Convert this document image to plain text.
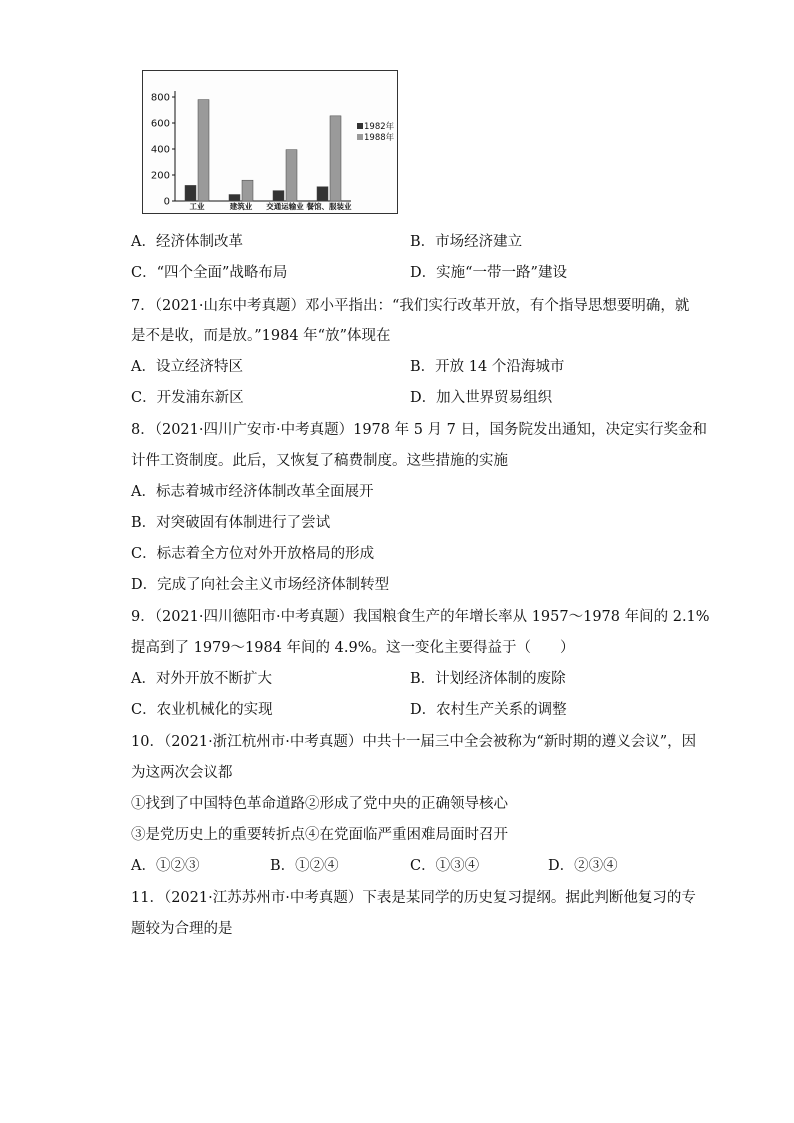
800
600
400
200
0	工业	建筑业 交通运输业 餐馆、服装业
1982年
1988年
A．经济体制改革	B．市场经济建立
C．“四个全面”战略布局	D．实施“一带一路”建设
7．（2021·山东中考真题）邓小平指出：“我们实行改革开放，有个指导思想要明确，就
是不是收，而是放。”1984 年“放”体现在
A．设立经济特区	B．开放 14 个沿海城市
C．开发浦东新区	D．加入世界贸易组织
8．（2021·四川广安市·中考真题）1978 年 5 月 7 日，国务院发出通知，决定实行奖金和
计件工资制度。此后，又恢复了稿费制度。这些措施的实施
A．标志着城市经济体制改革全面展开
B．对突破固有体制进行了尝试
C．标志着全方位对外开放格局的形成
D．完成了向社会主义市场经济体制转型
9．（2021·四川德阳市·中考真题）我国粮食生产的年增长率从 1957～1978 年间的 2.1%
提高到了 1979～1984 年间的 4.9%。这一变化主要得益于（　　）
A．对外开放不断扩大	B．计划经济体制的废除
C．农业机械化的实现	D．农村生产关系的调整
10．（2021·浙江杭州市·中考真题）中共十一届三中全会被称为“新时期的遵义会议”，因
为这两次会议都
①找到了中国特色革命道路②形成了党中央的正确领导核心
③是党历史上的重要转折点④在党面临严重困难局面时召开
A．①②③	B．①②④	C．①③④	D．②③④
11．（2021·江苏苏州市·中考真题）下表是某同学的历史复习提纲。据此判断他复习的专
题较为合理的是
